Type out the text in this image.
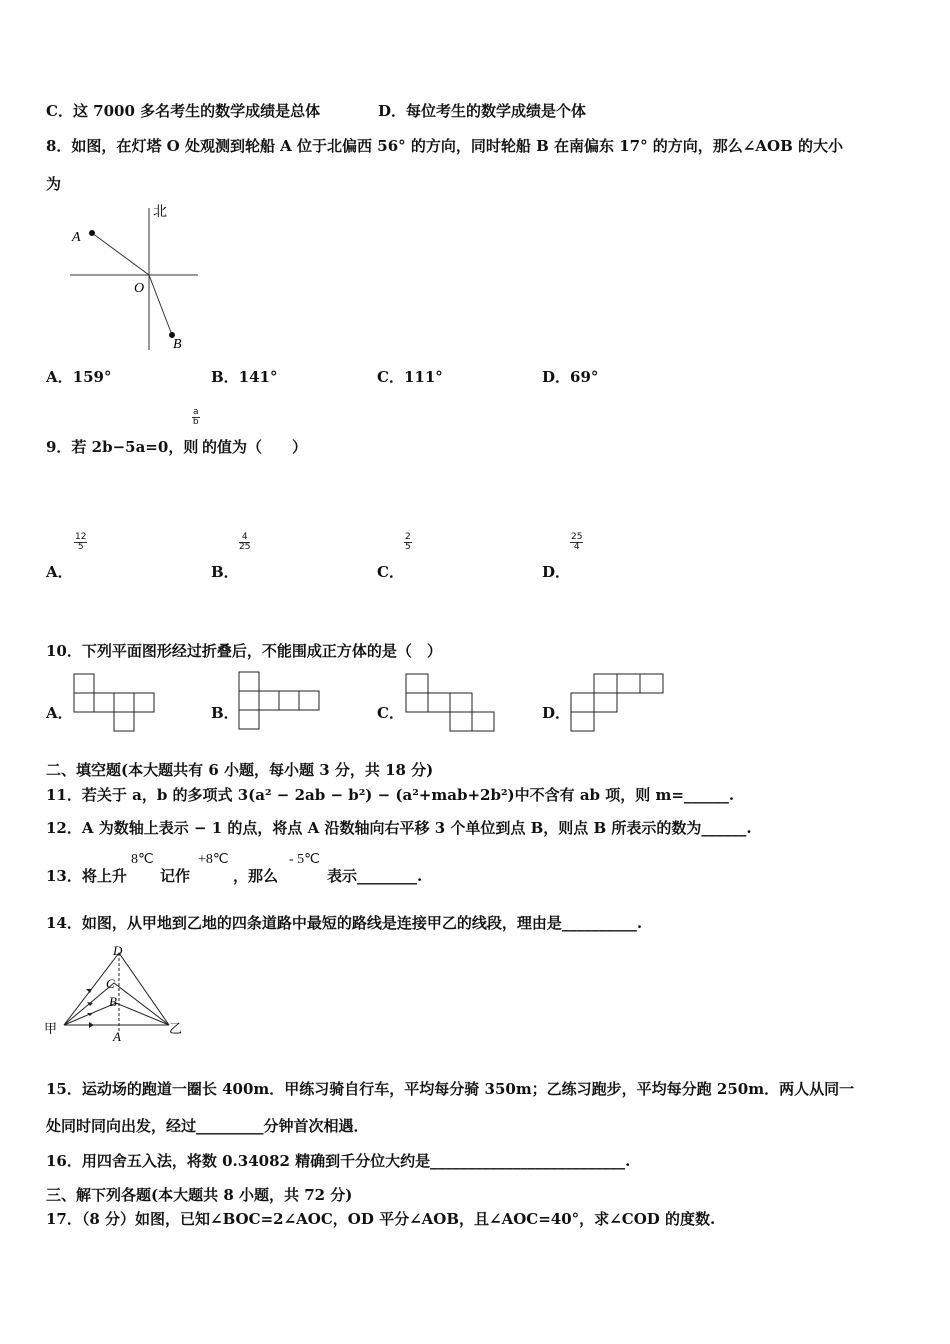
C．这 7000 多名考生的数学成绩是总体	D．每位考生的数学成绩是个体
8．如图，在灯塔 O 处观测到轮船 A 位于北偏西 56° 的方向，同时轮船 B 在南偏东 17° 的方向，那么∠AOB 的大小
为
北
A
O
B
A．159°	B．141°	C．111°	D．69°
9．若 2b−5a=0，则
$\frac{a}{b}$
的值为（　　）
A．
$\frac{12}{5}$
B．
$\frac{4}{25}$
C．
$\frac{2}{5}$
D．
$\frac{25}{4}$
10．下列平面图形经过折叠后，不能围成正方体的是（　）
A．	B．	C．	D．
二、填空题(本大题共有 6 小题，每小题 3 分，共 18 分)
11．若关于 a，b 的多项式 3(a² − 2ab − b²) − (a²+mab+2b²)中不含有 ab 项，则 m=______.
12．A 为数轴上表示 − 1 的点，将点 A 沿数轴向右平移 3 个单位到点 B，则点 B 所表示的数为______.
13．将上升
8℃
记作
+8℃
，那么
- 5℃
表示________.
14．如图，从甲地到乙地的四条道路中最短的路线是连接甲乙的线段，理由是__________.
D
C
B
A
甲	乙
15．运动场的跑道一圈长 400m．甲练习骑自行车，平均每分骑 350m；乙练习跑步，平均每分跑 250m．两人从同一
处同时同向出发，经过_________分钟首次相遇．
16．用四舍五入法，将数 0.34082 精确到千分位大约是__________________________.
三、解下列各题(本大题共 8 小题，共 72 分)
17．（8 分）如图，已知∠BOC=2∠AOC，OD 平分∠AOB，且∠AOC=40°，求∠COD 的度数.
